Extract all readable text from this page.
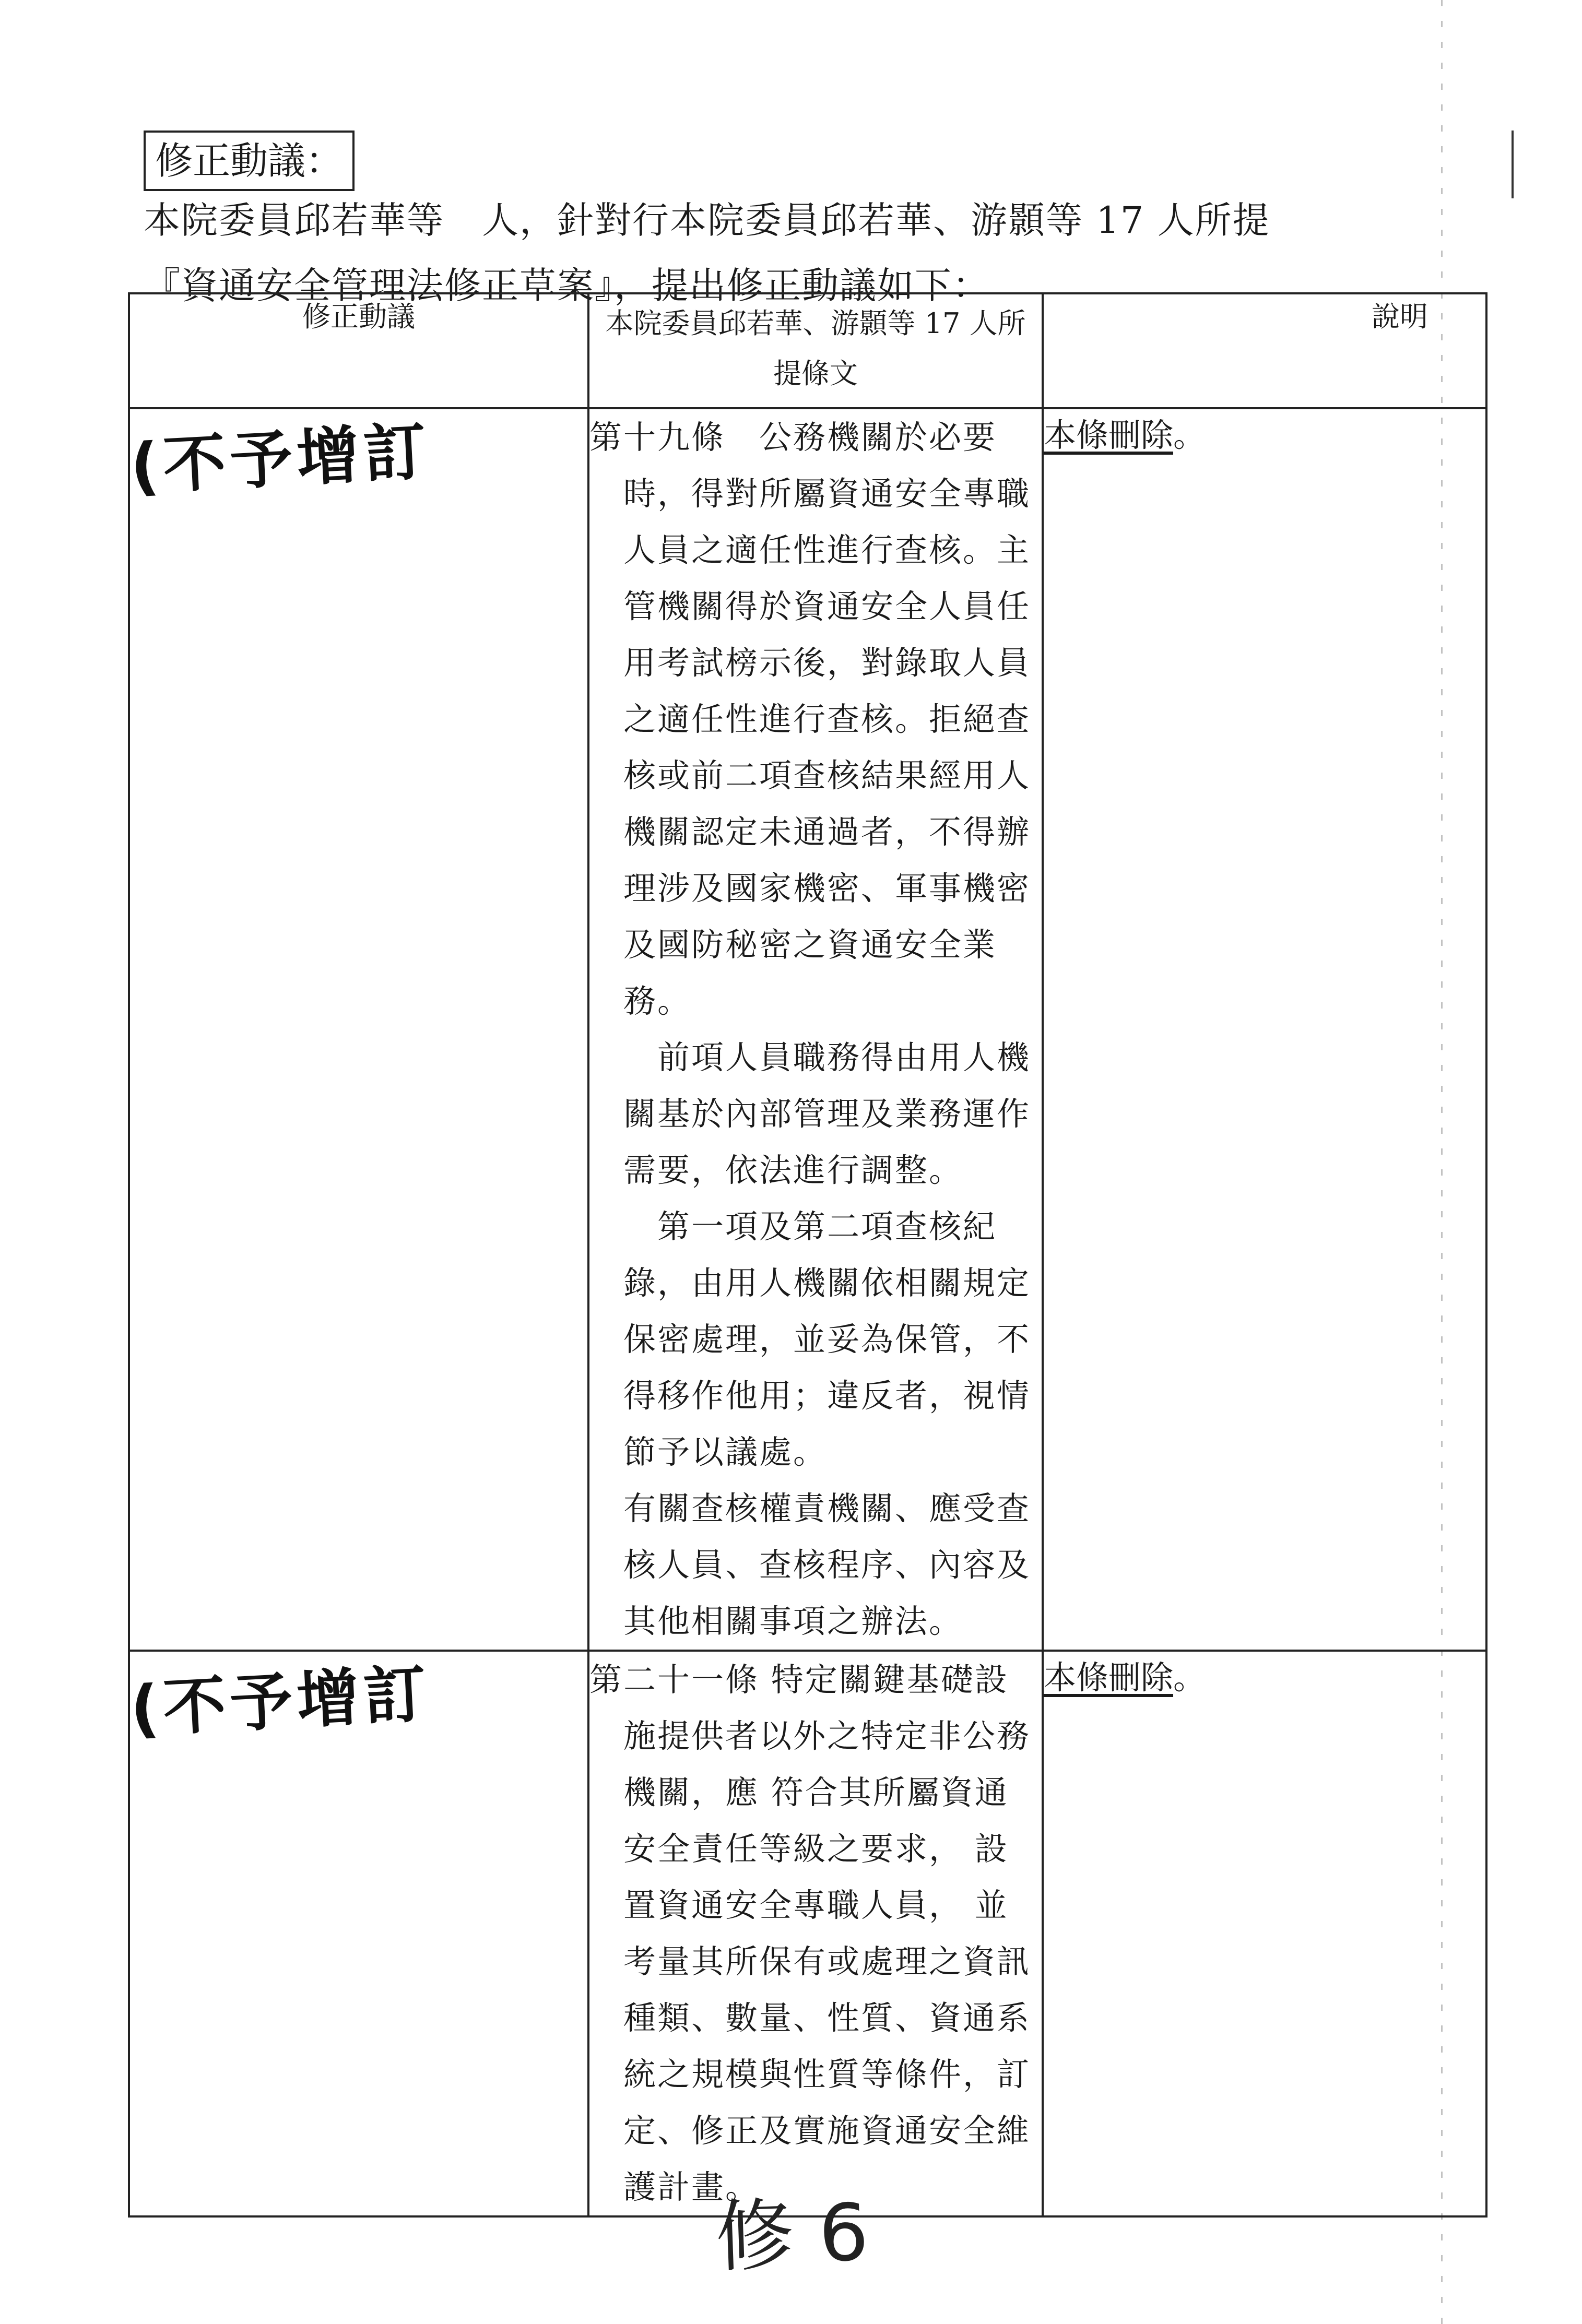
修正動議：
本院委員邱若華等　人，針對行本院委員邱若華、游顥等 17 人所提
『資通安全管理法修正草案』，提出修正動議如下：
修正動議	本院委員邱若華、游顥等 17 人所提條文	說明
(不予增訂	第十九條　公務機關於必要時，得對所屬資通安全專職人員之適任性進行查核。主管機關得於資通安全人員任用考試榜示後，對錄取人員之適任性進行查核。拒絕查核或前二項查核結果經用人機關認定未通過者，不得辦理涉及國家機密、軍事機密及國防秘密之資通安全業務。

前項人員職務得由用人機關基於內部管理及業務運作需要，依法進行調整。

第一項及第二項查核紀錄，由用人機關依相關規定保密處理，並妥為保管，不得移作他用；違反者，視情節予以議處。

有關查核權責機關、應受查核人員、查核程序、內容及其他相關事項之辦法。	本條刪除。
(不予增訂	第二十一條 特定關鍵基礎設施提供者以外之特定非公務機關，應 符合其所屬資通安全責任等級之要求， 設置資通安全專職人員， 並考量其所保有或處理之資訊種類、數量、性質、資通系統之規模與性質等條件，訂定、修正及實施資通安全維護計畫。	本條刪除。
修 6
